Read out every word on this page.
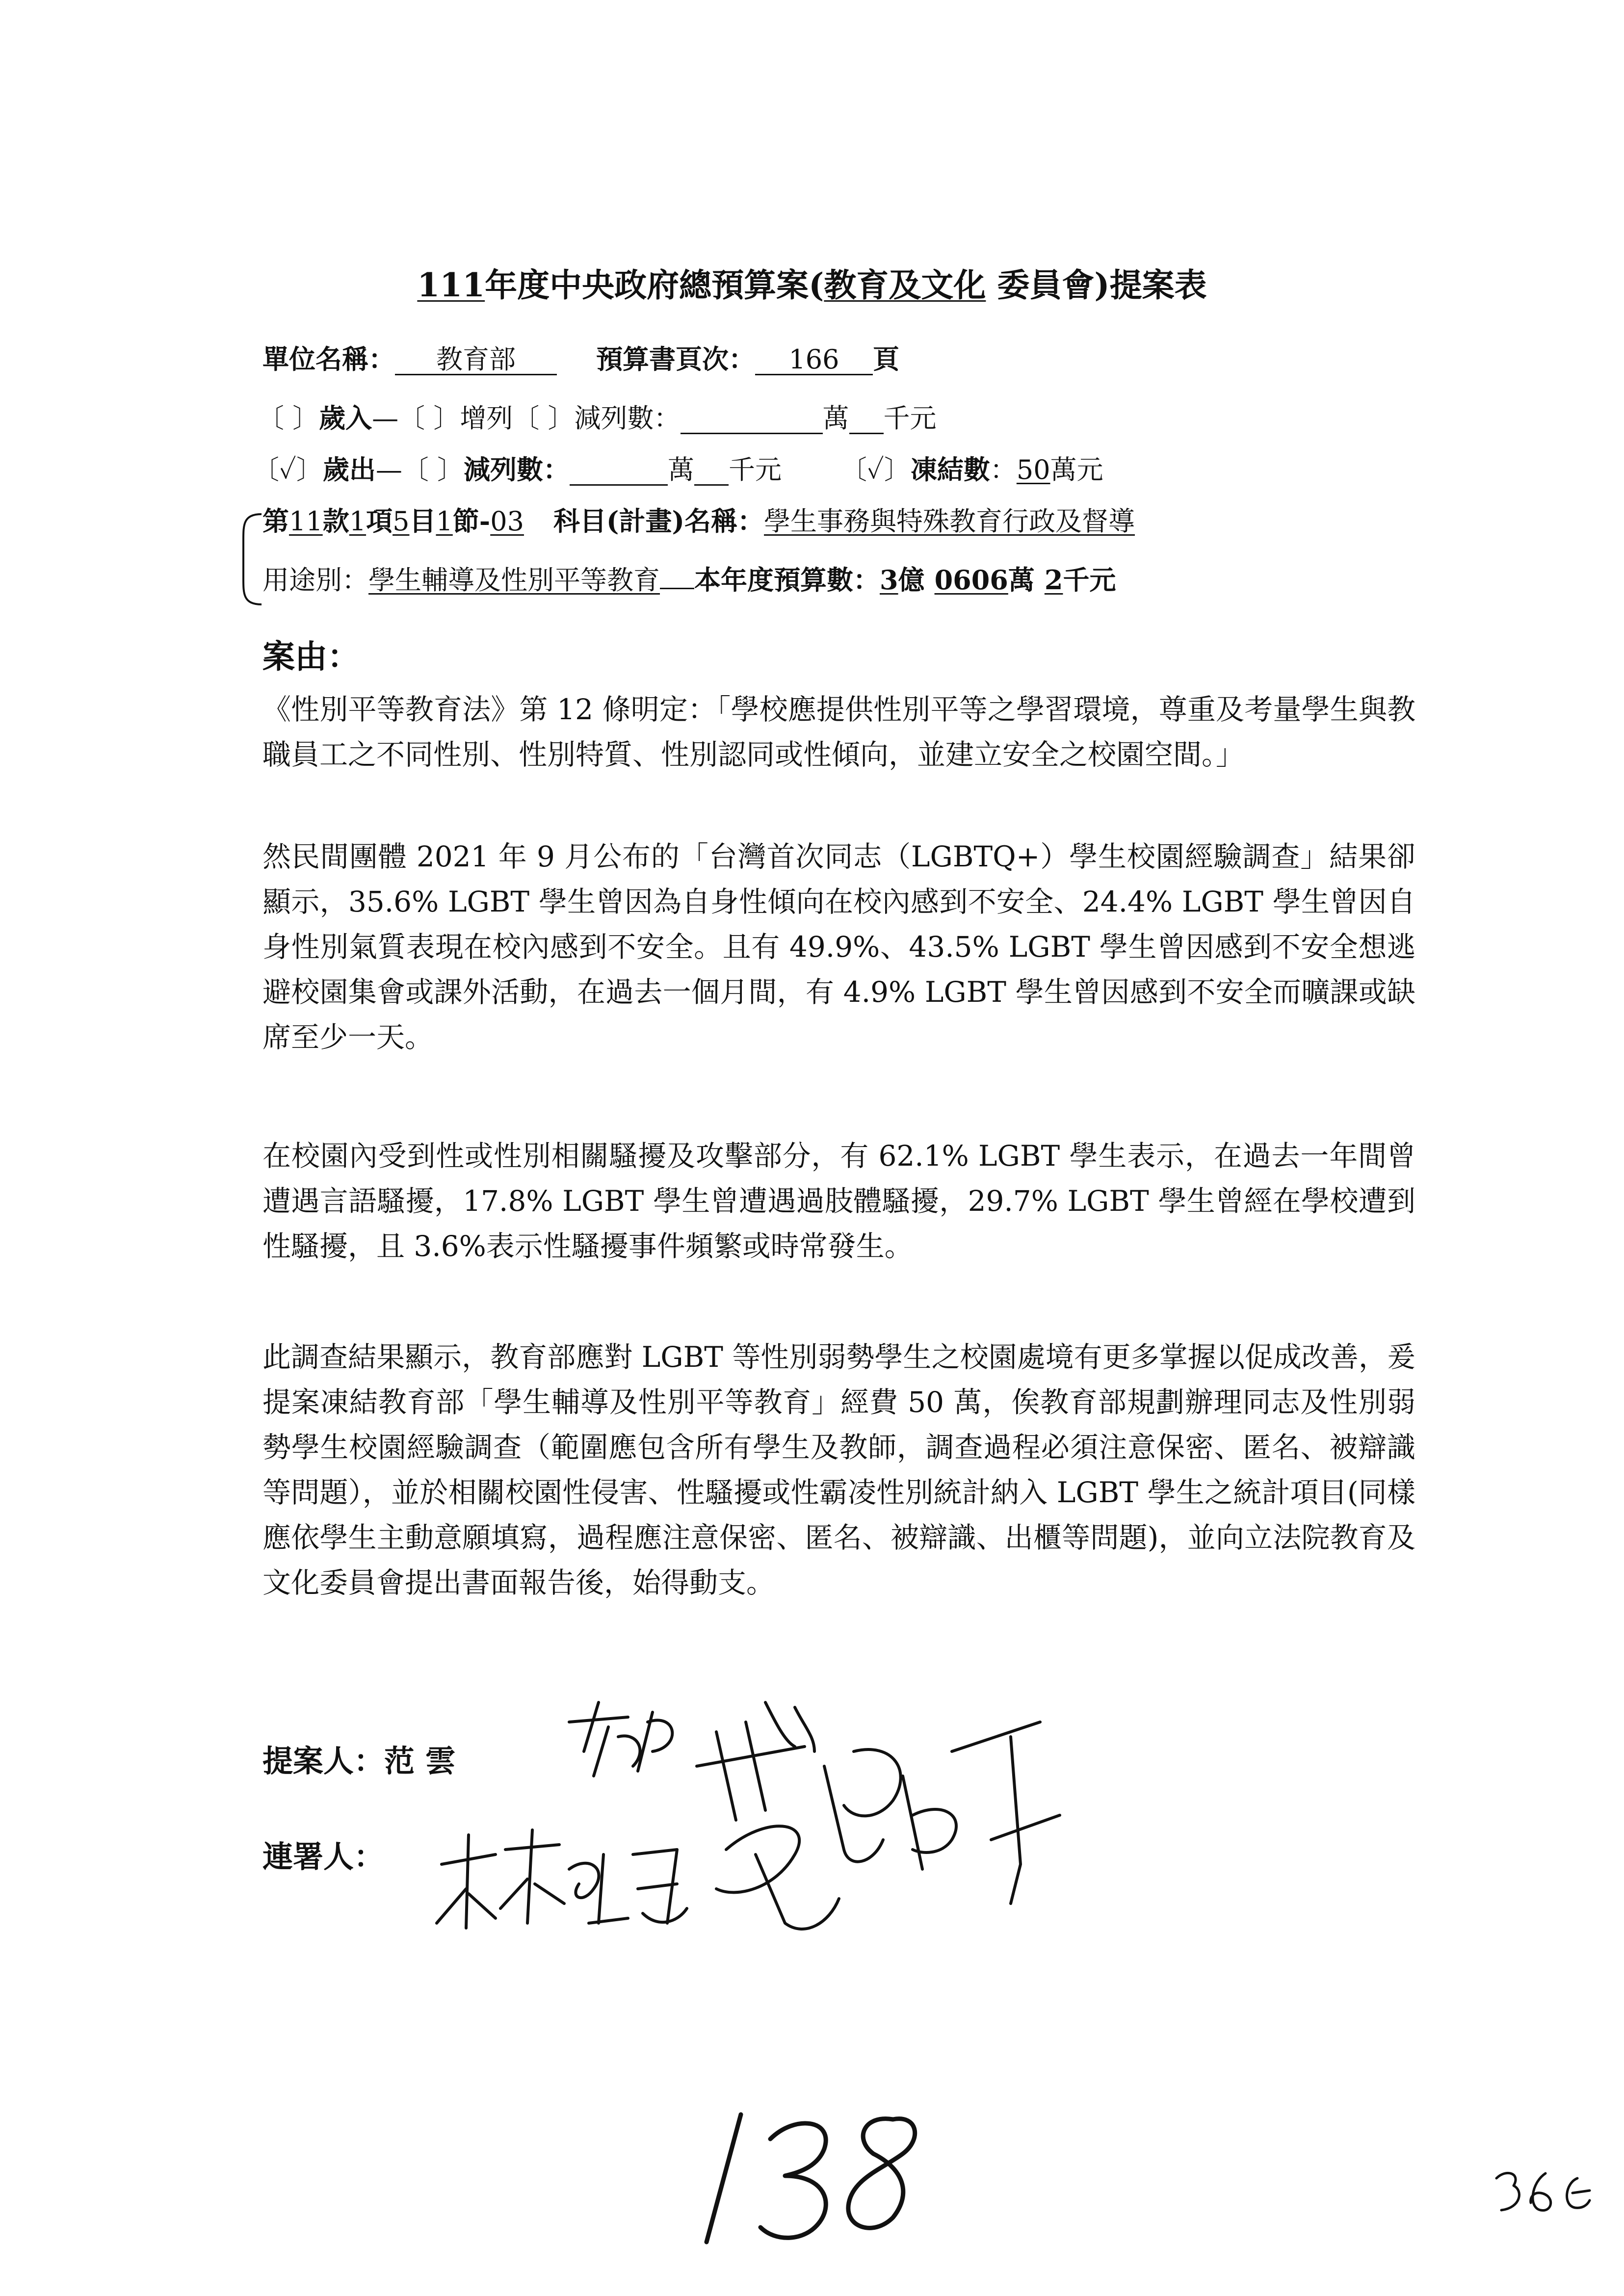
111年度中央政府總預算案(教育及文化 委員會)提案表
單位名稱： 教育部	預算書頁次： 166 頁
〔 〕歲入—〔 〕增列〔 〕減列數：	萬 千元
〔✓〕歲出—〔 〕減列數：	萬 千元 〔✓〕凍結數：50萬元
第11款1項5目1節-03 科目(計畫)名稱：學生事務與特殊教育行政及督導
用途別：學生輔導及性別平等教育 本年度預算數：3億 0606萬 2千元
案由：
《性別平等教育法》第 12 條明定：「學校應提供性別平等之學習環境，尊重及考量學生與教職員工之不同性別、性別特質、性別認同或性傾向，並建立安全之校園空間。」
然民間團體 2021 年 9 月公布的「台灣首次同志（LGBTQ+）學生校園經驗調查」結果卻顯示，35.6% LGBT 學生曾因為自身性傾向在校內感到不安全、24.4% LGBT 學生曾因自身性別氣質表現在校內感到不安全。且有 49.9%、43.5% LGBT 學生曾因感到不安全想逃避校園集會或課外活動，在過去一個月間，有 4.9% LGBT 學生曾因感到不安全而曠課或缺席至少一天。
在校園內受到性或性別相關騷擾及攻擊部分，有 62.1% LGBT 學生表示，在過去一年間曾遭遇言語騷擾，17.8% LGBT 學生曾遭遇過肢體騷擾，29.7% LGBT 學生曾經在學校遭到性騷擾，且 3.6%表示性騷擾事件頻繁或時常發生。
此調查結果顯示，教育部應對 LGBT 等性別弱勢學生之校園處境有更多掌握以促成改善，爰提案凍結教育部「學生輔導及性別平等教育」經費 50 萬，俟教育部規劃辦理同志及性別弱勢學生校園經驗調查（範圍應包含所有學生及教師，調查過程必須注意保密、匿名、被辯識等問題），並於相關校園性侵害、性騷擾或性霸凌性別統計納入 LGBT 學生之統計項目(同樣應依學生主動意願填寫，過程應注意保密、匿名、被辯識、出櫃等問題)，並向立法院教育及文化委員會提出書面報告後，始得動支。
提案人：范 雲
連署人：
